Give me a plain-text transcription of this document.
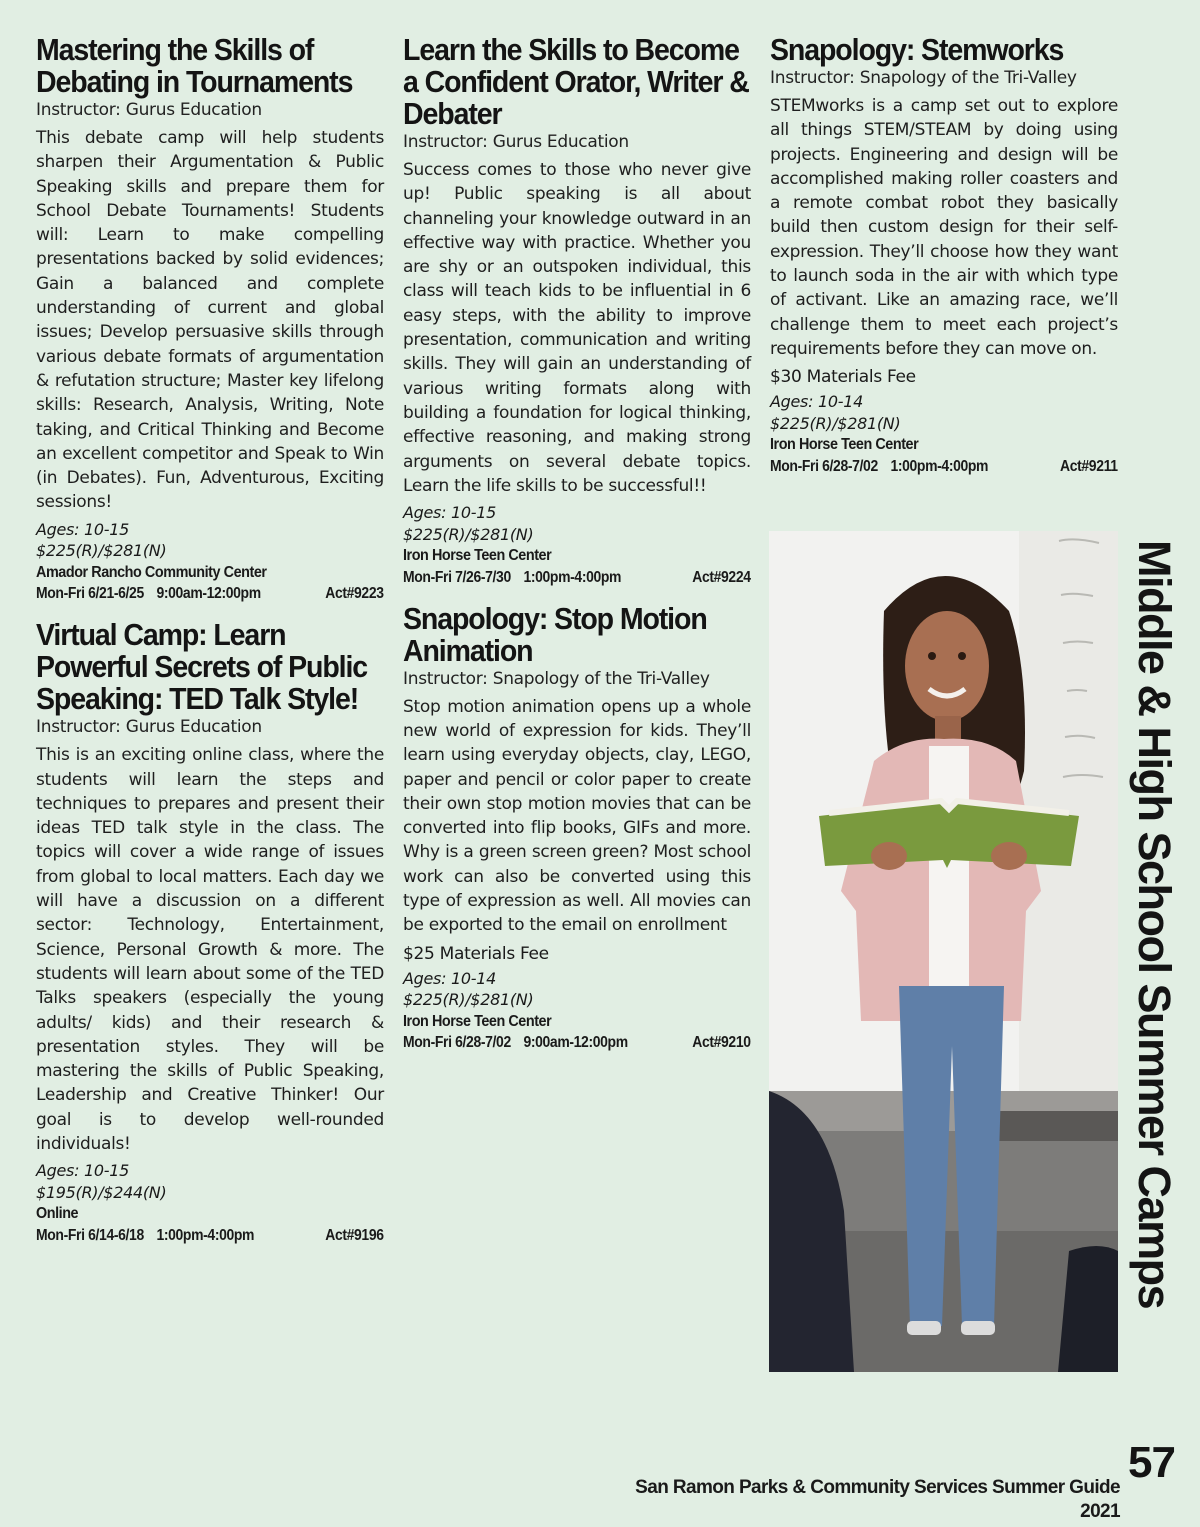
Mastering the Skills of Debating in Tournaments

Instructor: Gurus Education

This debate camp will help students sharpen their Argumentation & Public Speaking skills and prepare them for School Debate Tournaments! Students will: Learn to make compelling presentations backed by solid evidences; Gain a balanced and complete understanding of current and global issues; Develop persuasive skills through various debate formats of argumentation & refutation structure; Master key lifelong skills: Research, Analysis, Writing, Note taking, and Critical Thinking and Become an excellent competitor and Speak to Win (in Debates). Fun, Adventurous, Exciting sessions!

Ages: 10-15

$225(R)/$281(N)

Amador Rancho Community Center

Mon-Fri 6/21-6/25 9:00am-12:00pm	Act#9223

Virtual Camp: Learn Powerful Secrets of Public Speaking: TED Talk Style!

Instructor: Gurus Education

This is an exciting online class, where the students will learn the steps and techniques to prepares and present their ideas TED talk style in the class. The topics will cover a wide range of issues from global to local matters. Each day we will have a discussion on a different sector: Technology, Entertainment, Science, Personal Growth & more. The students will learn about some of the TED Talks speakers (especially the young adults/ kids) and their research & presentation styles. They will be mastering the skills of Public Speaking, Leadership and Creative Thinker! Our goal is to develop well-rounded individuals!

Ages: 10-15

$195(R)/$244(N)

Online

Mon-Fri 6/14-6/18 1:00pm-4:00pm	Act#9196

Learn the Skills to Become a Confident Orator, Writer & Debater

Instructor: Gurus Education

Success comes to those who never give up! Public speaking is all about channeling your knowledge outward in an effective way with practice. Whether you are shy or an outspoken individual, this class will teach kids to be influential in 6 easy steps, with the ability to improve presentation, communication and writing skills. They will gain an understanding of various writing formats along with building a foundation for logical thinking, effective reasoning, and making strong arguments on several debate topics. Learn the life skills to be successful!!

Ages: 10-15

$225(R)/$281(N)

Iron Horse Teen Center

Mon-Fri 7/26-7/30 1:00pm-4:00pm	Act#9224

Snapology: Stop Motion Animation

Instructor: Snapology of the Tri-Valley

Stop motion animation opens up a whole new world of expression for kids. They’ll learn using everyday objects, clay, LEGO, paper and pencil or color paper to create their own stop motion movies that can be converted into flip books, GIFs and more. Why is a green screen green? Most school work can also be converted using this type of expression as well. All movies can be exported to the email on enrollment

$25 Materials Fee

Ages: 10-14

$225(R)/$281(N)

Iron Horse Teen Center

Mon-Fri 6/28-7/02 9:00am-12:00pm	Act#9210

Snapology: Stemworks

Instructor: Snapology of the Tri-Valley

STEMworks is a camp set out to explore all things STEM/STEAM by doing using projects. Engineering and design will be accomplished making roller coasters and a remote combat robot they basically build then custom design for their self-expression. They’ll choose how they want to launch soda in the air with which type of activant. Like an amazing race, we’ll challenge them to meet each project’s requirements before they can move on.

$30 Materials Fee

Ages: 10-14

$225(R)/$281(N)

Iron Horse Teen Center

Mon-Fri 6/28-7/02 1:00pm-4:00pm	Act#9211

Middle & High School Summer Camps
San Ramon Parks & Community Services Summer Guide 2021
57
